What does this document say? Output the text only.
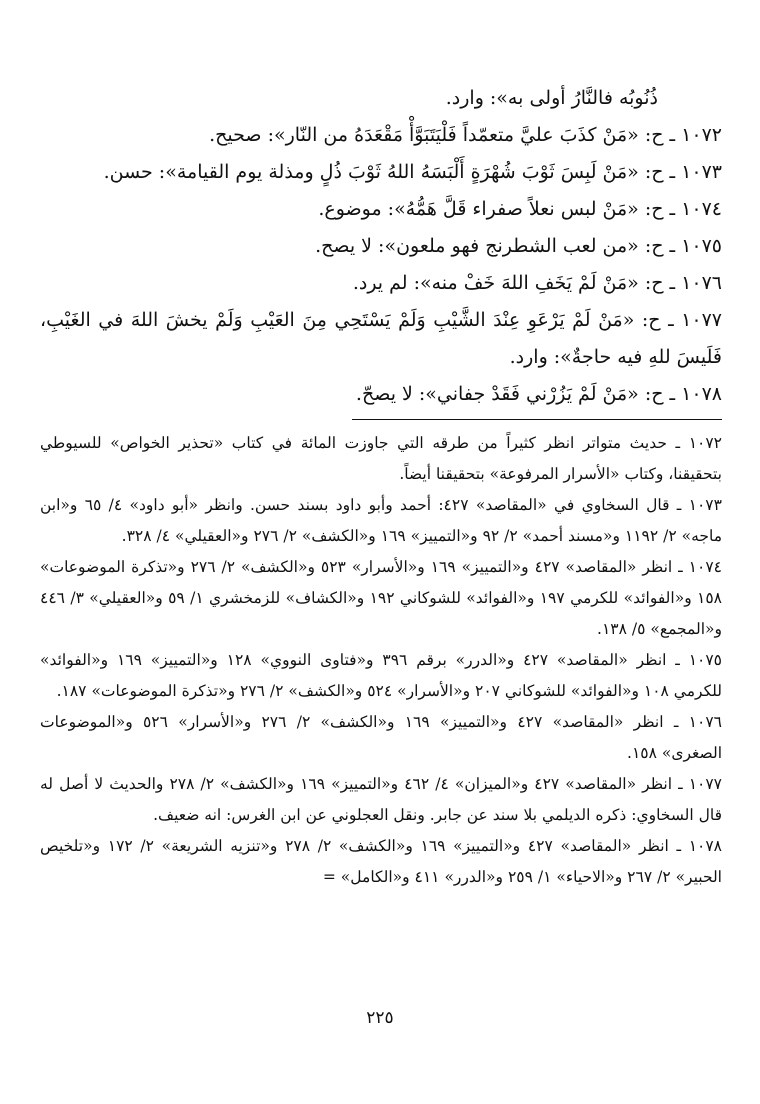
ذُنُوبُه فالنَّارُ أولى به»: وارد.

١٠٧٢ ـ ح: «مَنْ كذَبَ عليَّ متعمّداً فَلْيَتَبَوَّأْ مَقْعَدَهُ من النّار»: صحيح.

١٠٧٣ ـ ح: «مَنْ لَبِسَ ثَوْبَ شُهْرَةٍ أَلْبَسَهُ اللهُ ثَوْبَ ذُلٍ ومذلة يوم القيامة»: حسن.

١٠٧٤ ـ ح: «مَنْ لبس نعلاً صفراء قَلَّ هَمُّهُ»: موضوع.

١٠٧٥ ـ ح: «من لعب الشطرنج فهو ملعون»: لا يصح.

١٠٧٦ ـ ح: «مَنْ لَمْ يَخَفِ اللهَ خَفْ منه»: لم يرد.

١٠٧٧ ـ ح: «مَنْ لَمْ يَرْعَوِ عِنْدَ الشَّيْبِ وَلَمْ يَسْتَحِي مِنَ العَيْبِ وَلَمْ يخشَ اللهَ في الغَيْبِ، فَلَيسَ للهِ فيه حاجةٌ»: وارد.

١٠٧٨ ـ ح: «مَنْ لَمْ يَزُرْني فَقَدْ جفاني»: لا يصحّ.

١٠٧٢ ـ حديث متواتر انظر كثيراً من طرقه التي جاوزت المائة في كتاب «تحذير الخواص» للسيوطي بتحقيقنا، وكتاب «الأسرار المرفوعة» بتحقيقنا أيضاً.

١٠٧٣ ـ قال السخاوي في «المقاصد» ٤٢٧: أحمد وأبو داود بسند حسن. وانظر «أبو داود» ٤/ ٦٥ و«ابن ماجه» ٢/ ١١٩٢ و«مسند أحمد» ٢/ ٩٢ و«التمييز» ١٦٩ و«الكشف» ٢/ ٢٧٦ و«العقيلي» ٤/ ٣٢٨.

١٠٧٤ ـ انظر «المقاصد» ٤٢٧ و«التمييز» ١٦٩ و«الأسرار» ٥٢٣ و«الكشف» ٢/ ٢٧٦ و«تذكرة الموضوعات» ١٥٨ و«الفوائد» للكرمي ١٩٧ و«الفوائد» للشوكاني ١٩٢ و«الكشاف» للزمخشري ١/ ٥٩ و«العقيلي» ٣/ ٤٤٦ و«المجمع» ٥/ ١٣٨.

١٠٧٥ ـ انظر «المقاصد» ٤٢٧ و«الدرر» برقم ٣٩٦ و«فتاوى النووي» ١٢٨ و«التمييز» ١٦٩ و«الفوائد» للكرمي ١٠٨ و«الفوائد» للشوكاني ٢٠٧ و«الأسرار» ٥٢٤ و«الكشف» ٢/ ٢٧٦ و«تذكرة الموضوعات» ١٨٧.

١٠٧٦ ـ انظر «المقاصد» ٤٢٧ و«التمييز» ١٦٩ و«الكشف» ٢/ ٢٧٦ و«الأسرار» ٥٢٦ و«الموضوعات الصغرى» ١٥٨.

١٠٧٧ ـ انظر «المقاصد» ٤٢٧ و«الميزان» ٤/ ٤٦٢ و«التمييز» ١٦٩ و«الكشف» ٢/ ٢٧٨ والحديث لا أصل له قال السخاوي: ذكره الديلمي بلا سند عن جابر. ونقل العجلوني عن ابن الغرس: انه ضعيف.

١٠٧٨ ـ انظر «المقاصد» ٤٢٧ و«التمييز» ١٦٩ و«الكشف» ٢/ ٢٧٨ و«تنزيه الشريعة» ٢/ ١٧٢ و«تلخيص الحبير» ٢/ ٢٦٧ و«الاحياء» ١/ ٢٥٩ و«الدرر» ٤١١ و«الكامل» =

٢٢٥
